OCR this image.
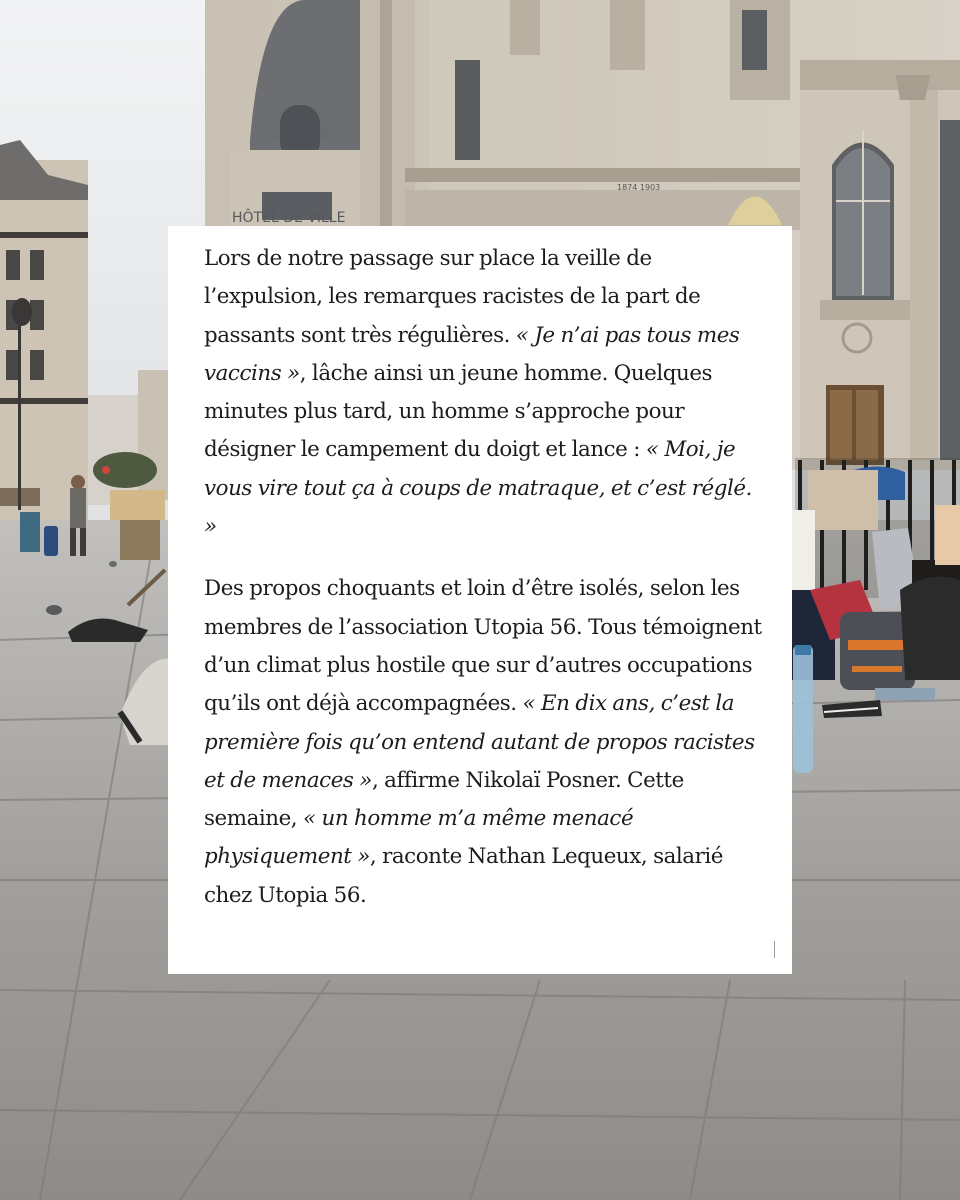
HÔTEL DE VILLE
1874 1903

Lors de notre passage sur place la veille de l’expulsion, les remarques racistes de la part de passants sont très régulières. « Je n’ai pas tous mes vaccins », lâche ainsi un jeune homme. Quelques minutes plus tard, un homme s’approche pour désigner le campement du doigt et lance : « Moi, je vous vire tout ça à coups de matraque, et c’est réglé. »

Des propos choquants et loin d’être isolés, selon les membres de l’association Utopia 56. Tous témoignent d’un climat plus hostile que sur d’autres occupations qu’ils ont déjà accompagnées. « En dix ans, c’est la première fois qu’on entend autant de propos racistes et de menaces », affirme Nikolaï Posner. Cette semaine, « un homme m’a même menacé physiquement », raconte Nathan Lequeux, salarié chez Utopia 56.
